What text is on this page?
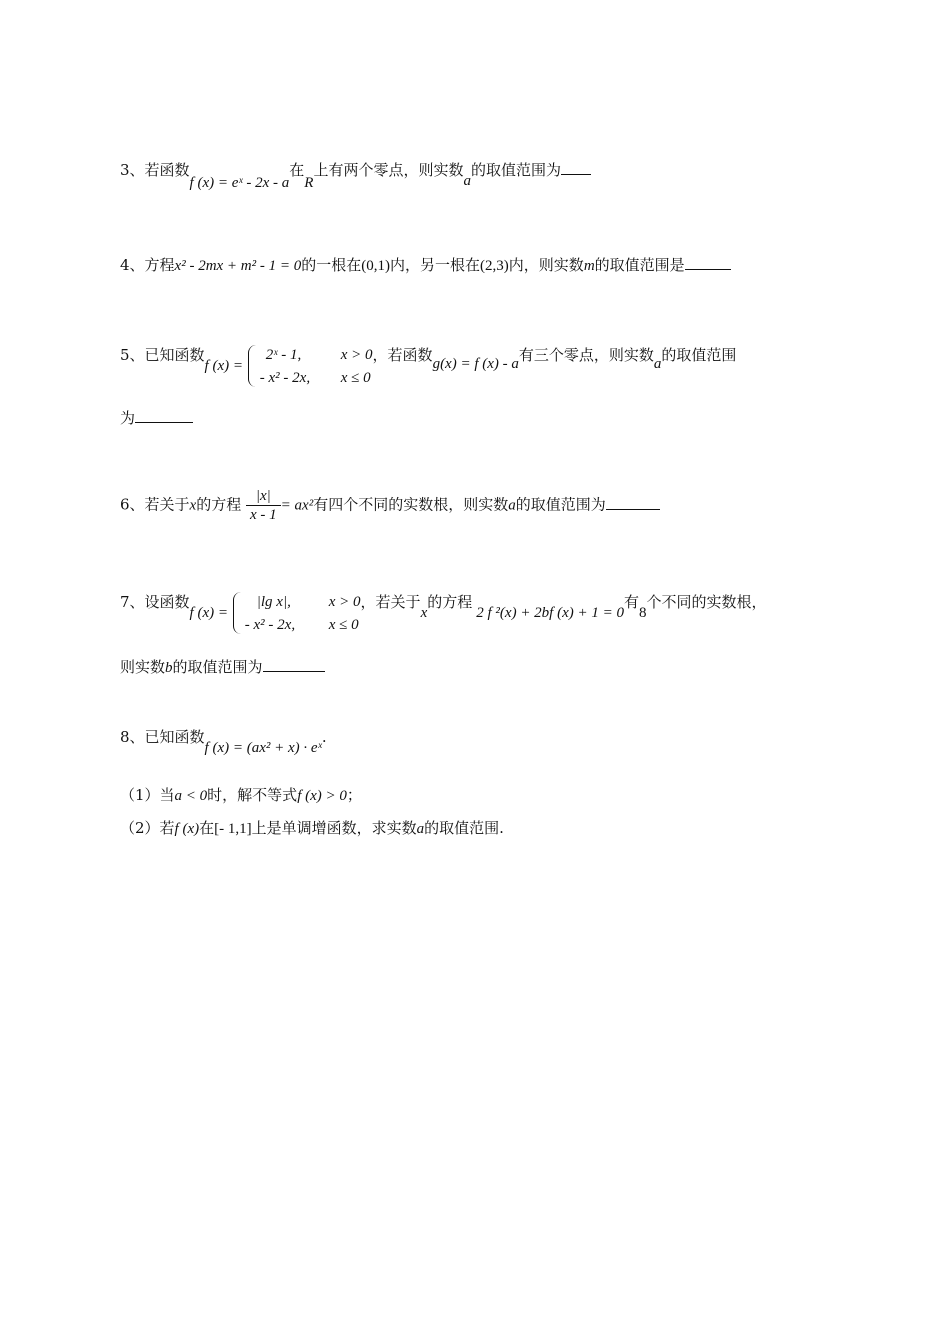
3、若函数f (x) = eˣ - 2x - a在R上有两个零点，则实数a的取值范围为
4、方程x² - 2mx + m² - 1 = 0的一根在(0,1)内，另一根在(2,3)内，则实数m的取值范围是
5、已知函数f (x) =
2ˣ - 1,	x > 0
- x² - 2x, x ≤ 0
，若函数g(x) = f (x) - a有三个零点，则实数a的取值范围
为
6、若关于x的方程 $\frac{|x|}{x - 1} = ax^2$有四个不同的实数根，则实数a的取值范围为
7、设函数f (x) =
|lg x|,	x > 0
- x² - 2x, x ≤ 0
，若关于x的方程2 f ²(x) + 2bf (x) + 1 = 0有8个不同的实数根，
则实数b的取值范围为
8、已知函数f (x) = (ax² + x) · eˣ.
（1）当a < 0时，解不等式f (x) > 0；
（2）若f (x)在[- 1,1]上是单调增函数，求实数a的取值范围.
